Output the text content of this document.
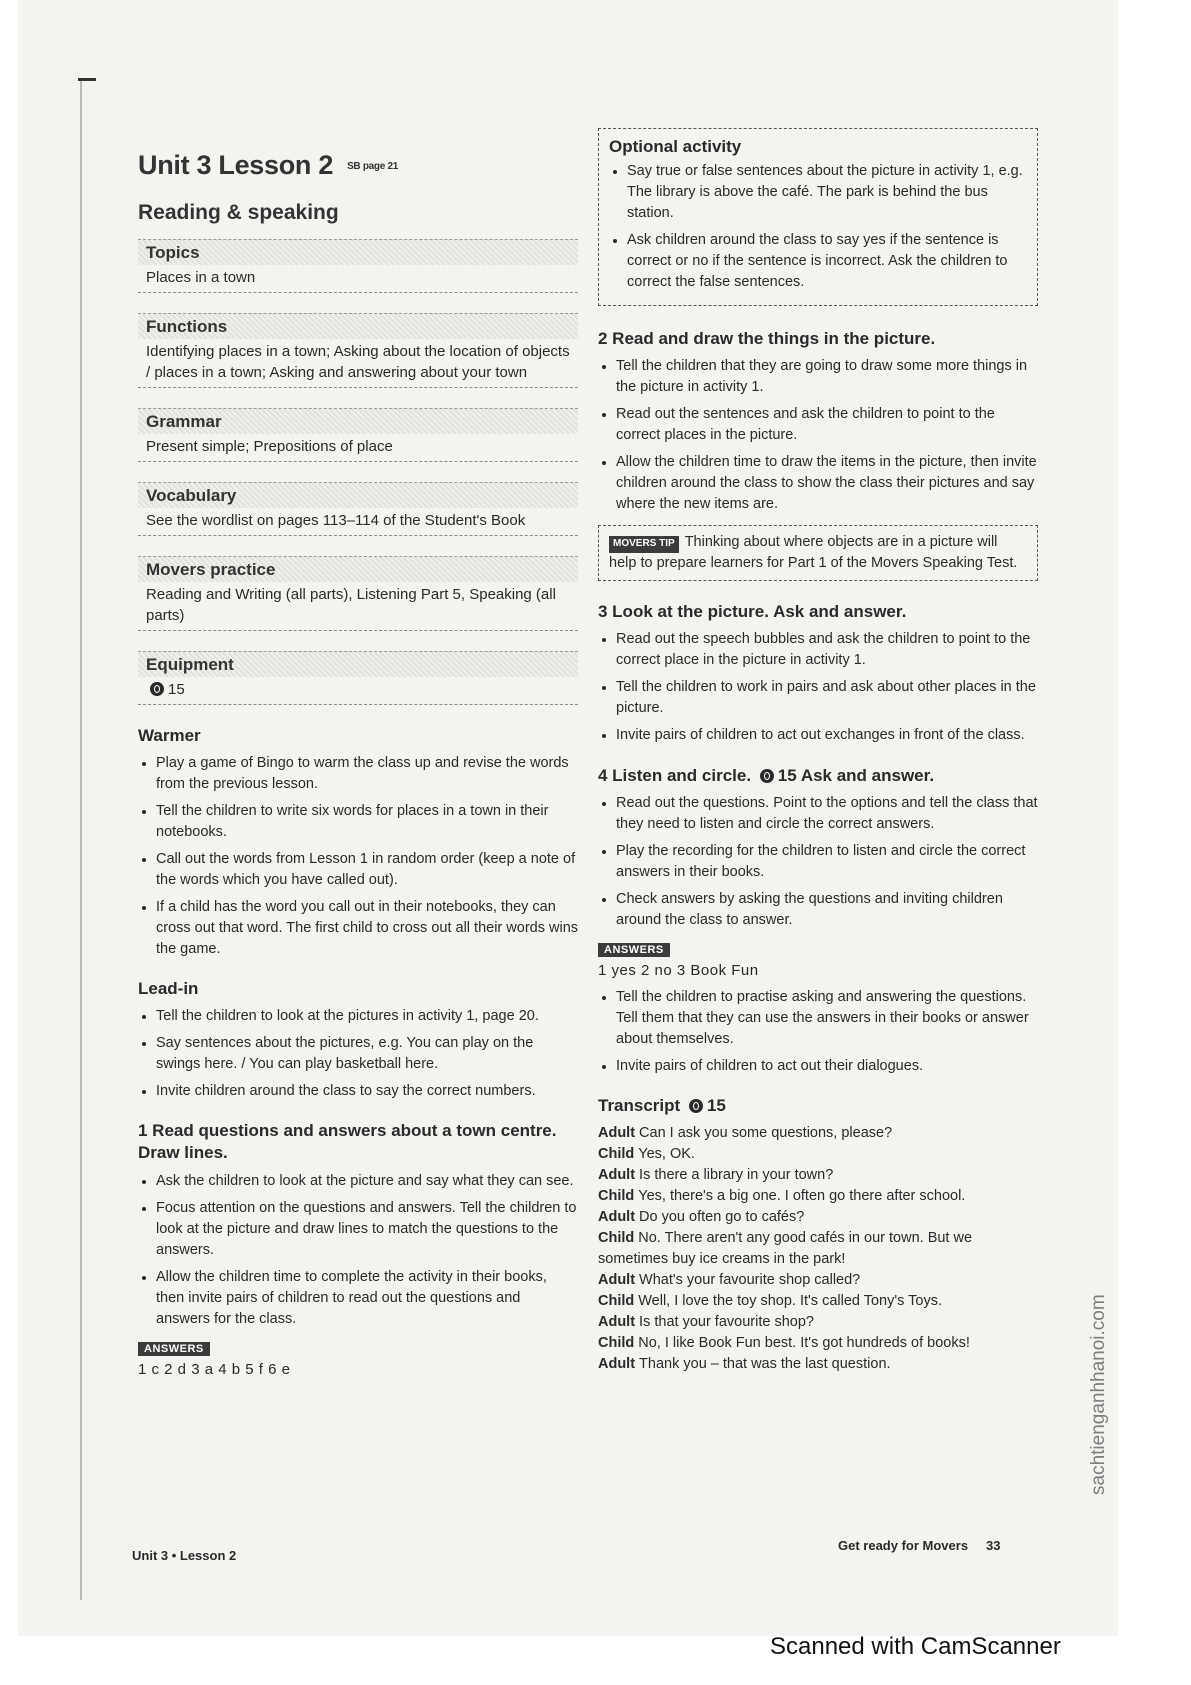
Unit 3 Lesson 2 SB page 21
Reading & speaking
Topics
Places in a town
Functions
Identifying places in a town; Asking about the location of objects / places in a town; Asking and answering about your town
Grammar
Present simple; Prepositions of place
Vocabulary
See the wordlist on pages 113–114 of the Student's Book
Movers practice
Reading and Writing (all parts), Listening Part 5, Speaking (all parts)
Equipment
15
Warmer
• Play a game of Bingo to warm the class up and revise the words from the previous lesson.
• Tell the children to write six words for places in a town in their notebooks.
• Call out the words from Lesson 1 in random order (keep a note of the words which you have called out).
• If a child has the word you call out in their notebooks, they can cross out that word. The first child to cross out all their words wins the game.
Lead-in
• Tell the children to look at the pictures in activity 1, page 20.
• Say sentences about the pictures, e.g. You can play on the swings here. / You can play basketball here.
• Invite children around the class to say the correct numbers.
1 Read questions and answers about a town centre. Draw lines.
• Ask the children to look at the picture and say what they can see.
• Focus attention on the questions and answers. Tell the children to look at the picture and draw lines to match the questions to the answers.
• Allow the children time to complete the activity in their books, then invite pairs of children to read out the questions and answers for the class.
ANSWERS
1 c 2 d 3 a 4 b 5 f 6 e
Optional activity
• Say true or false sentences about the picture in activity 1, e.g. The library is above the café. The park is behind the bus station.
• Ask children around the class to say yes if the sentence is correct or no if the sentence is incorrect. Ask the children to correct the false sentences.
2 Read and draw the things in the picture.
• Tell the children that they are going to draw some more things in the picture in activity 1.
• Read out the sentences and ask the children to point to the correct places in the picture.
• Allow the children time to draw the items in the picture, then invite children around the class to show the class their pictures and say where the new items are.
MOVERS TIP Thinking about where objects are in a picture will help to prepare learners for Part 1 of the Movers Speaking Test.
3 Look at the picture. Ask and answer.
• Read out the speech bubbles and ask the children to point to the correct place in the picture in activity 1.
• Tell the children to work in pairs and ask about other places in the picture.
• Invite pairs of children to act out exchanges in front of the class.
4 Listen and circle. 15 Ask and answer.
• Read out the questions. Point to the options and tell the class that they need to listen and circle the correct answers.
• Play the recording for the children to listen and circle the correct answers in their books.
• Check answers by asking the questions and inviting children around the class to answer.
ANSWERS
1 yes 2 no 3 Book Fun
• Tell the children to practise asking and answering the questions. Tell them that they can use the answers in their books or answer about themselves.
• Invite pairs of children to act out their dialogues.
Transcript 15
Adult Can I ask you some questions, please?
Child Yes, OK.
Adult Is there a library in your town?
Child Yes, there's a big one. I often go there after school.
Adult Do you often go to cafés?
Child No. There aren't any good cafés in our town. But we sometimes buy ice creams in the park!
Adult What's your favourite shop called?
Child Well, I love the toy shop. It's called Tony's Toys.
Adult Is that your favourite shop?
Child No, I like Book Fun best. It's got hundreds of books!
Adult Thank you – that was the last question.
Unit 3 • Lesson 2
Get ready for Movers 33
sachtienganhhanoi.com
Scanned with CamScanner
